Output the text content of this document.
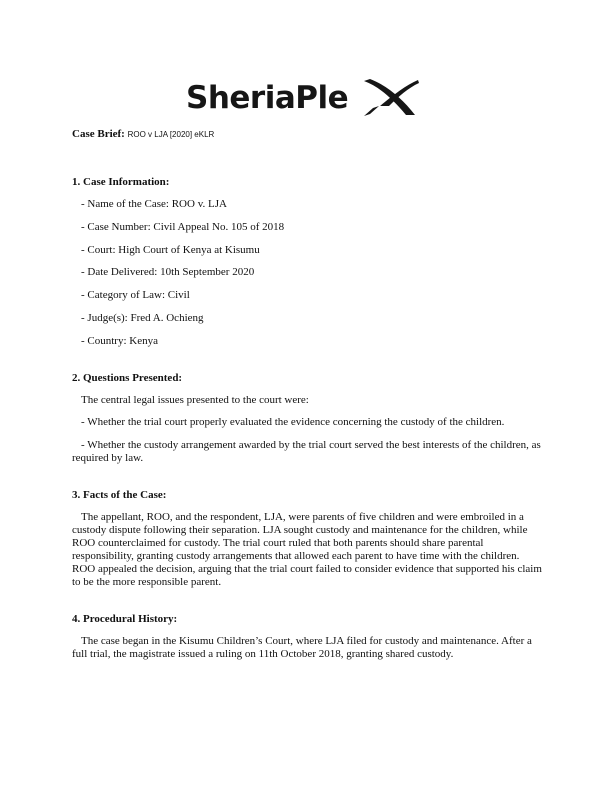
SheriaPle
Case Brief: ROO v LJA [2020] eKLR
1. Case Information:
- Name of the Case: ROO v. LJA
- Case Number: Civil Appeal No. 105 of 2018
- Court: High Court of Kenya at Kisumu
- Date Delivered: 10th September 2020
- Category of Law: Civil
- Judge(s): Fred A. Ochieng
- Country: Kenya
2. Questions Presented:
The central legal issues presented to the court were:
- Whether the trial court properly evaluated the evidence concerning the custody of the children.
- Whether the custody arrangement awarded by the trial court served the best interests of the children, as required by law.
3. Facts of the Case:
The appellant, ROO, and the respondent, LJA, were parents of five children and were embroiled in a custody dispute following their separation. LJA sought custody and maintenance for the children, while ROO counterclaimed for custody. The trial court ruled that both parents should share parental responsibility, granting custody arrangements that allowed each parent to have time with the children. ROO appealed the decision, arguing that the trial court failed to consider evidence that supported his claim to be the more responsible parent.
4. Procedural History:
The case began in the Kisumu Children’s Court, where LJA filed for custody and maintenance. After a full trial, the magistrate issued a ruling on 11th October 2018, granting shared custody.
